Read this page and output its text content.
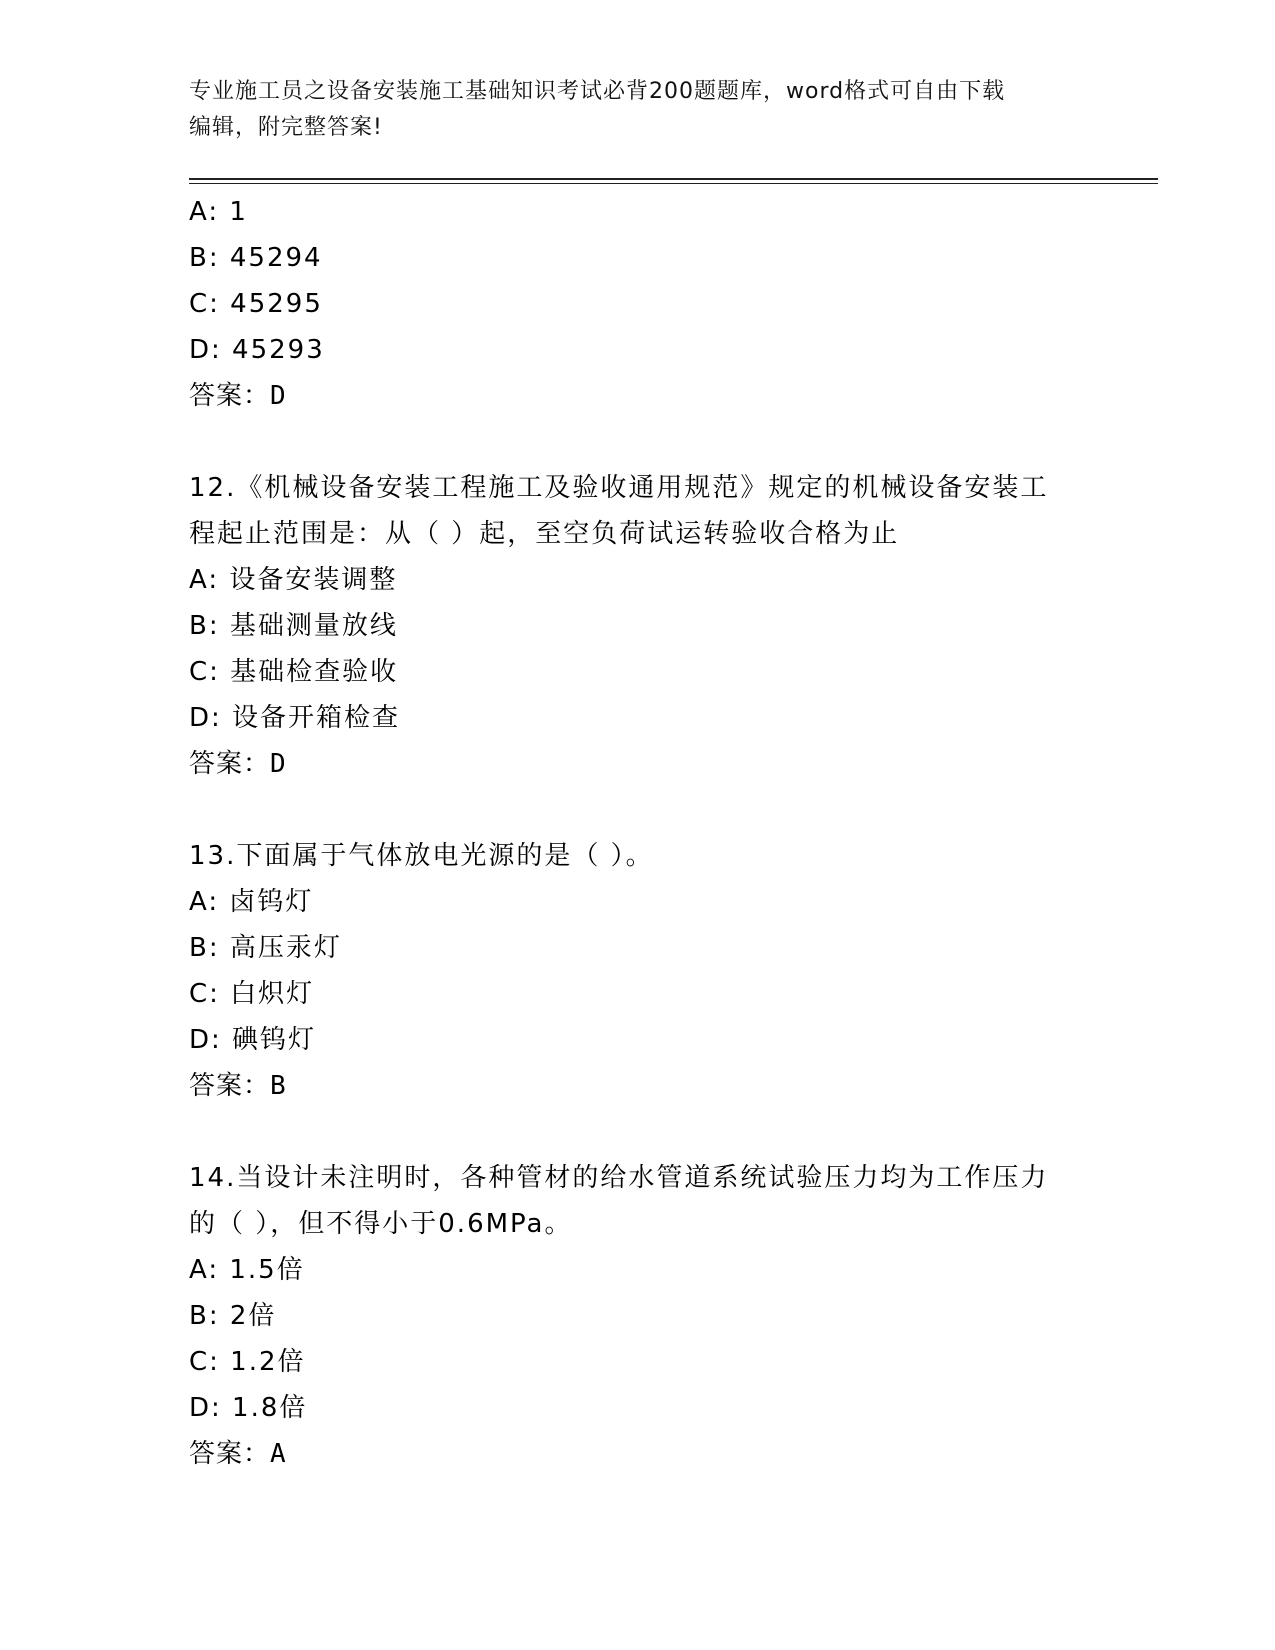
专业施工员之设备安装施工基础知识考试必背200题题库，word格式可自由下载
编辑，附完整答案!
A: 1
B: 45294
C: 45295
D: 45293
答案：D
12.《机械设备安装工程施工及验收通用规范》规定的机械设备安装工
程起止范围是：从（ ）起，至空负荷试运转验收合格为止
A: 设备安装调整
B: 基础测量放线
C: 基础检查验收
D: 设备开箱检查
答案：D
13.下面属于气体放电光源的是（ ）。
A: 卤钨灯
B: 高压汞灯
C: 白炽灯
D: 碘钨灯
答案：B
14.当设计未注明时，各种管材的给水管道系统试验压力均为工作压力
的（ ），但不得小于0.6MPa。
A: 1.5倍
B: 2倍
C: 1.2倍
D: 1.8倍
答案：A
